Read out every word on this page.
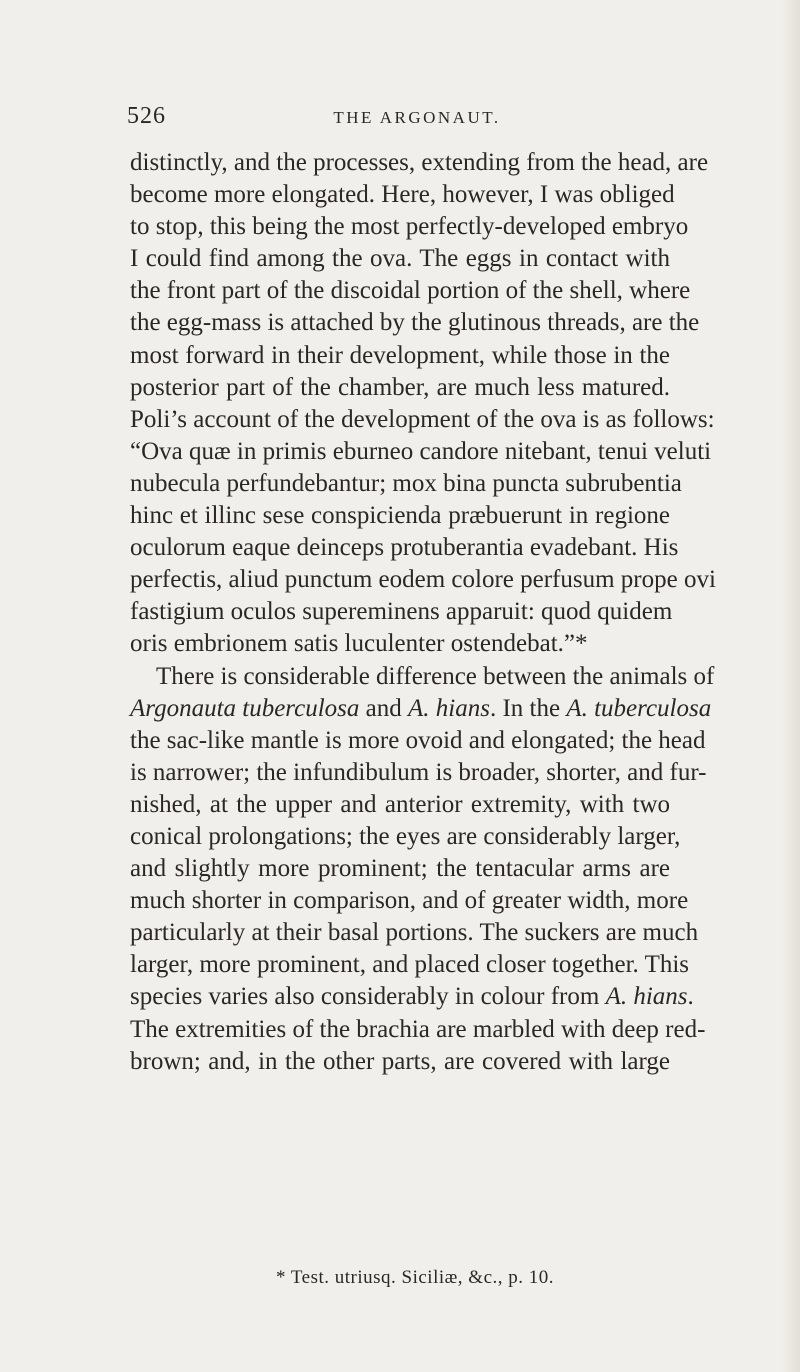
526	THE ARGONAUT.
distinctly, and the processes, extending from the head, are
become more elongated. Here, however, I was obliged
to stop, this being the most perfectly-developed embryo
I could find among the ova. The eggs in contact with
the front part of the discoidal portion of the shell, where
the egg-mass is attached by the glutinous threads, are the
most forward in their development, while those in the
posterior part of the chamber, are much less matured.
Poli’s account of the development of the ova is as follows:
“Ova quæ in primis eburneo candore nitebant, tenui veluti
nubecula perfundebantur; mox bina puncta subrubentia
hinc et illinc sese conspicienda præbuerunt in regione
oculorum eaque deinceps protuberantia evadebant. His
perfectis, aliud punctum eodem colore perfusum prope ovi
fastigium oculos supereminens apparuit: quod quidem
oris embrionem satis luculenter ostendebat.”*
There is considerable difference between the animals of
Argonauta tuberculosa and A. hians. In the A. tuberculosa
the sac-like mantle is more ovoid and elongated; the head
is narrower; the infundibulum is broader, shorter, and fur-
nished, at the upper and anterior extremity, with two
conical prolongations; the eyes are considerably larger,
and slightly more prominent; the tentacular arms are
much shorter in comparison, and of greater width, more
particularly at their basal portions. The suckers are much
larger, more prominent, and placed closer together. This
species varies also considerably in colour from A. hians.
The extremities of the brachia are marbled with deep red-
brown; and, in the other parts, are covered with large
* Test. utriusq. Siciliæ, &c., p. 10.
